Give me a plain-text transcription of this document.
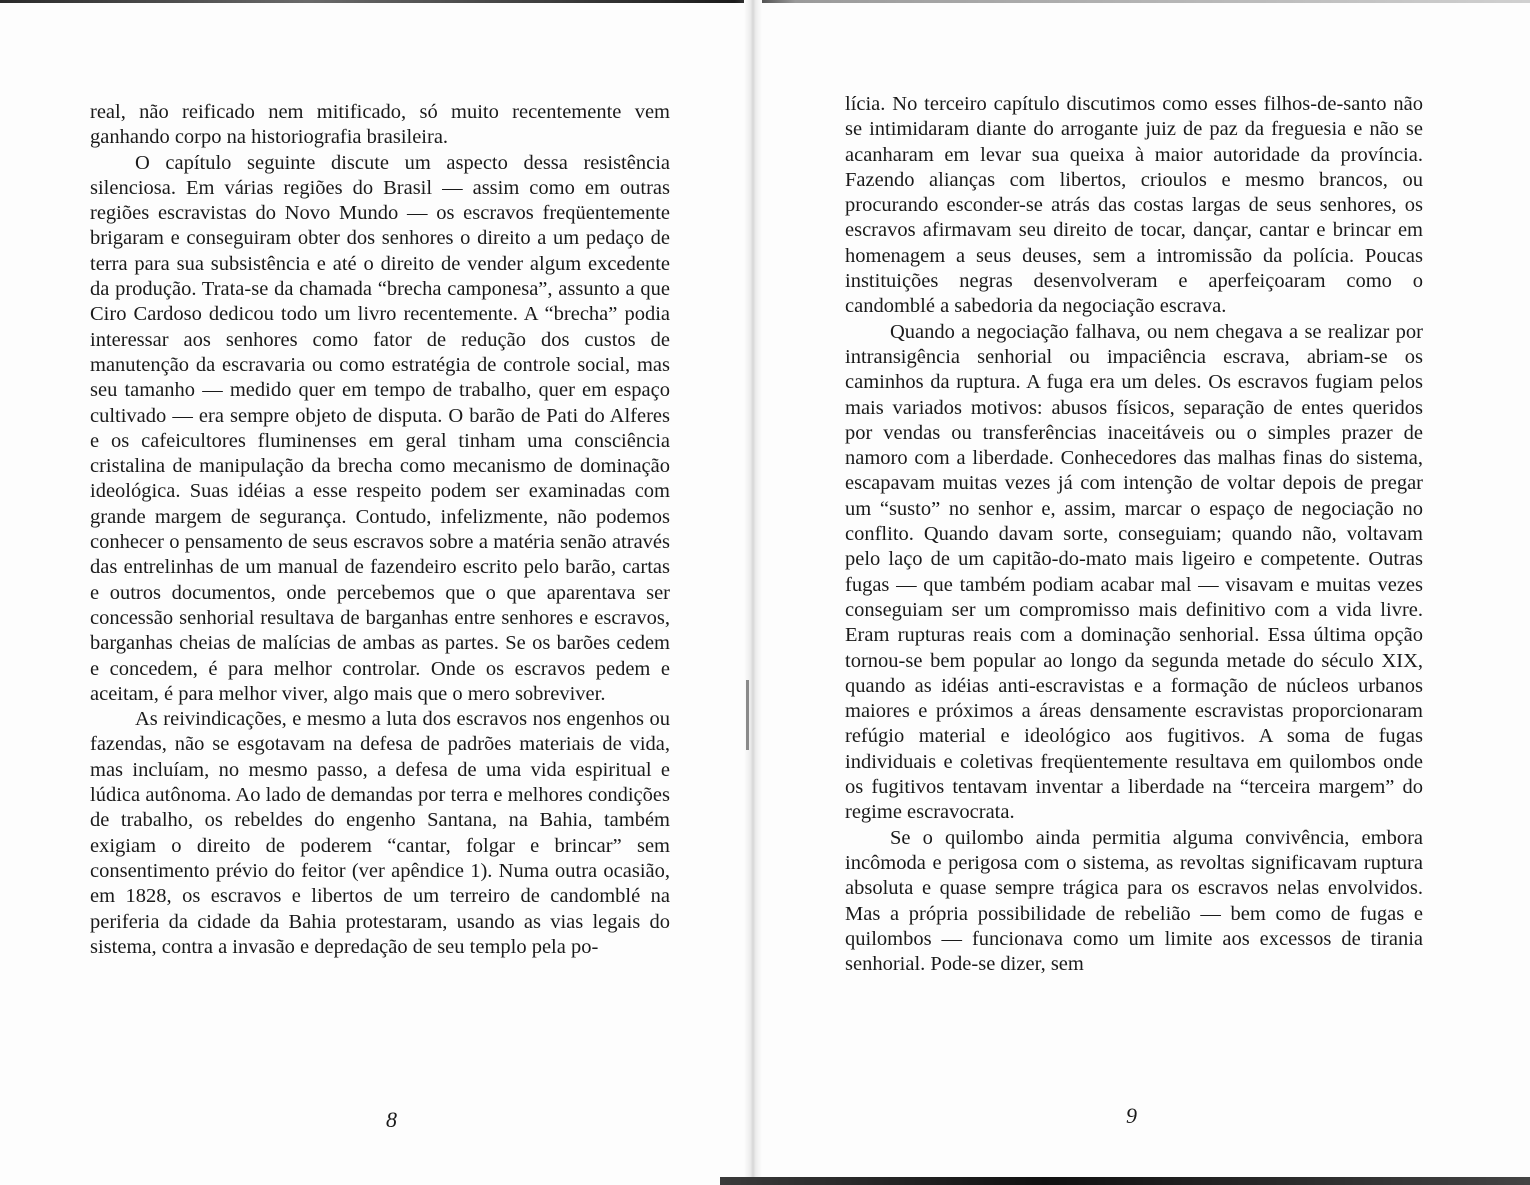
real, não reificado nem mitificado, só muito recentemente vem ganhando corpo na historiografia brasileira.

O capítulo seguinte discute um aspecto dessa resistência silenciosa. Em várias regiões do Brasil — assim como em outras regiões escravistas do Novo Mundo — os escravos freqüentemente brigaram e conseguiram obter dos senhores o direito a um pedaço de terra para sua subsistência e até o direito de vender algum excedente da produção. Trata-se da chamada “brecha camponesa”, assunto a que Ciro Cardoso dedicou todo um livro recentemente. A “brecha” podia interessar aos senhores como fator de redução dos custos de manutenção da escravaria ou como estratégia de controle social, mas seu tamanho — medido quer em tempo de trabalho, quer em espaço cultivado — era sempre objeto de disputa. O barão de Pati do Alferes e os cafeicultores fluminenses em geral tinham uma consciência cristalina de manipulação da brecha como mecanismo de dominação ideológica. Suas idéias a esse respeito podem ser examinadas com grande margem de segurança. Contudo, infelizmente, não podemos conhecer o pensamento de seus escravos sobre a matéria senão através das entrelinhas de um manual de fazendeiro escrito pelo barão, cartas e outros documentos, onde percebemos que o que aparentava ser concessão senhorial resultava de barganhas entre senhores e escravos, barganhas cheias de malícias de ambas as partes. Se os barões cedem e concedem, é para melhor controlar. Onde os escravos pedem e aceitam, é para melhor viver, algo mais que o mero sobreviver.

As reivindicações, e mesmo a luta dos escravos nos engenhos ou fazendas, não se esgotavam na defesa de padrões materiais de vida, mas incluíam, no mesmo passo, a defesa de uma vida espiritual e lúdica autônoma. Ao lado de demandas por terra e melhores condições de trabalho, os rebeldes do engenho Santana, na Bahia, também exigiam o direito de poderem “cantar, folgar e brincar” sem consentimento prévio do feitor (ver apêndice 1). Numa outra ocasião, em 1828, os escravos e libertos de um terreiro de candomblé na periferia da cidade da Bahia protestaram, usando as vias legais do sistema, contra a invasão e depredação de seu templo pela po-

8

lícia. No terceiro capítulo discutimos como esses filhos-de-santo não se intimidaram diante do arrogante juiz de paz da freguesia e não se acanharam em levar sua queixa à maior autoridade da província. Fazendo alianças com libertos, crioulos e mesmo brancos, ou procurando esconder-se atrás das costas largas de seus senhores, os escravos afirmavam seu direito de tocar, dançar, cantar e brincar em homenagem a seus deuses, sem a intromissão da polícia. Poucas instituições negras desenvolveram e aperfeiçoaram como o candomblé a sabedoria da negociação escrava.

Quando a negociação falhava, ou nem chegava a se realizar por intransigência senhorial ou impaciência escrava, abriam-se os caminhos da ruptura. A fuga era um deles. Os escravos fugiam pelos mais variados motivos: abusos físicos, separação de entes queridos por vendas ou transferências inaceitáveis ou o simples prazer de namoro com a liberdade. Conhecedores das malhas finas do sistema, escapavam muitas vezes já com intenção de voltar depois de pregar um “susto” no senhor e, assim, marcar o espaço de negociação no conflito. Quando davam sorte, conseguiam; quando não, voltavam pelo laço de um capitão-do-mato mais ligeiro e competente. Outras fugas — que também podiam acabar mal — visavam e muitas vezes conseguiam ser um compromisso mais definitivo com a vida livre. Eram rupturas reais com a dominação senhorial. Essa última opção tornou-se bem popular ao longo da segunda metade do século XIX, quando as idéias anti-escravistas e a formação de núcleos urbanos maiores e próximos a áreas densamente escravistas proporcionaram refúgio material e ideológico aos fugitivos. A soma de fugas individuais e coletivas freqüentemente resultava em quilombos onde os fugitivos tentavam inventar a liberdade na “terceira margem” do regime escravocrata.

Se o quilombo ainda permitia alguma convivência, embora incômoda e perigosa com o sistema, as revoltas significavam ruptura absoluta e quase sempre trágica para os escravos nelas envolvidos. Mas a própria possibilidade de rebelião — bem como de fugas e quilombos — funcionava como um limite aos excessos de tirania senhorial. Pode-se dizer, sem

9
